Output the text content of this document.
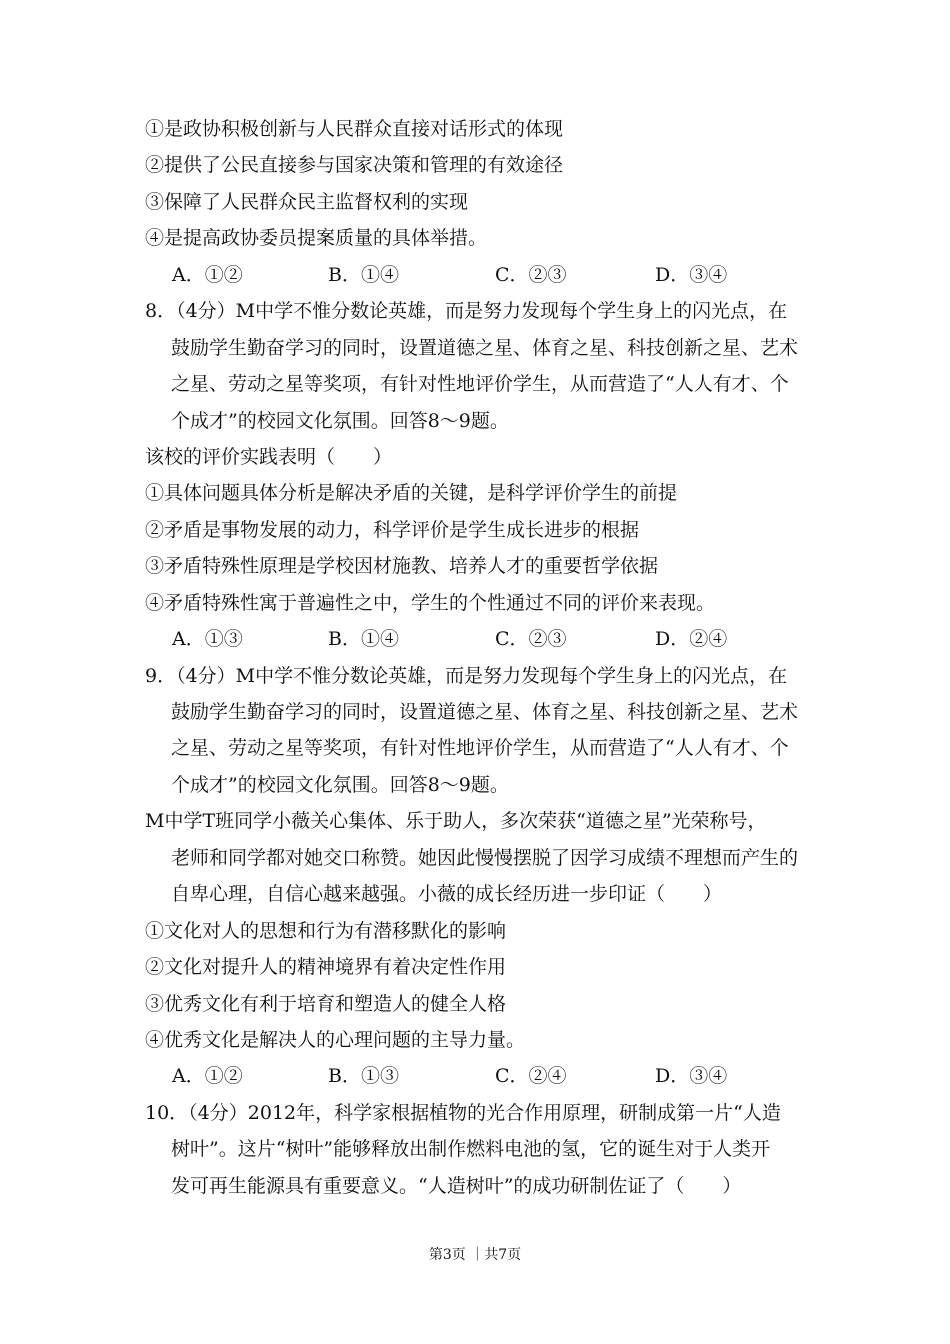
①是政协积极创新与人民群众直接对话形式的体现
②提供了公民直接参与国家决策和管理的有效途径
③保障了人民群众民主监督权利的实现
④是提高政协委员提案质量的具体举措。
A．①②	B．①④	C．②③	D．③④
8．（4分）M中学不惟分数论英雄，而是努力发现每个学生身上的闪光点，在
鼓励学生勤奋学习的同时，设置道德之星、体育之星、科技创新之星、艺术
之星、劳动之星等奖项，有针对性地评价学生，从而营造了“人人有才、个
个成才”的校园文化氛围。回答8～9题。
该校的评价实践表明（　　）
①具体问题具体分析是解决矛盾的关键，是科学评价学生的前提
②矛盾是事物发展的动力，科学评价是学生成长进步的根据
③矛盾特殊性原理是学校因材施教、培养人才的重要哲学依据
④矛盾特殊性寓于普遍性之中，学生的个性通过不同的评价来表现。
A．①③	B．①④	C．②③	D．②④
9．（4分）M中学不惟分数论英雄，而是努力发现每个学生身上的闪光点，在
鼓励学生勤奋学习的同时，设置道德之星、体育之星、科技创新之星、艺术
之星、劳动之星等奖项，有针对性地评价学生，从而营造了“人人有才、个
个成才”的校园文化氛围。回答8～9题。
M中学T班同学小薇关心集体、乐于助人，多次荣获“道德之星”光荣称号，
老师和同学都对她交口称赞。她因此慢慢摆脱了因学习成绩不理想而产生的
自卑心理，自信心越来越强。小薇的成长经历进一步印证（　　）
①文化对人的思想和行为有潜移默化的影响
②文化对提升人的精神境界有着决定性作用
③优秀文化有利于培育和塑造人的健全人格
④优秀文化是解决人的心理问题的主导力量。
A．①②	B．①③	C．②④	D．③④
10．（4分）2012年，科学家根据植物的光合作用原理，研制成第一片“人造
树叶”。这片“树叶”能够释放出制作燃料电池的氢，它的诞生对于人类开
发可再生能源具有重要意义。“人造树叶”的成功研制佐证了（　　）
第3页 ｜共7页
